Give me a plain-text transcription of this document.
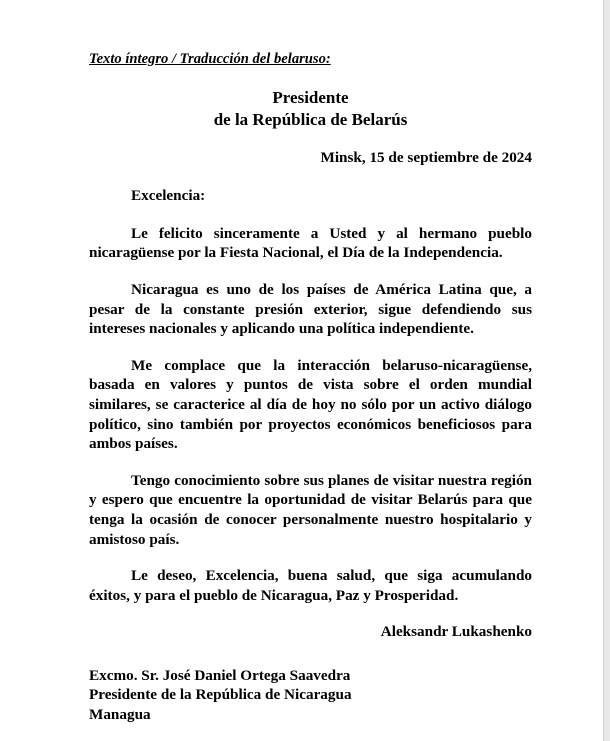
Texto íntegro / Traducción del belaruso:

Presidente
de la República de Belarús

Minsk, 15 de septiembre de 2024

Excelencia:

Le felicito sinceramente a Usted y al hermano pueblo nicaragüense por la Fiesta Nacional, el Día de la Independencia.

Nicaragua es uno de los países de América Latina que, a pesar de la constante presión exterior, sigue defendiendo sus intereses nacionales y aplicando una política independiente.

Me complace que la interacción belaruso-nicaragüense, basada en valores y puntos de vista sobre el orden mundial similares, se caracterice al día de hoy no sólo por un activo diálogo político, sino también por proyectos económicos beneficiosos para ambos países.

Tengo conocimiento sobre sus planes de visitar nuestra región y espero que encuentre la oportunidad de visitar Belarús para que tenga la ocasión de conocer personalmente nuestro hospitalario y amistoso país.

Le deseo, Excelencia, buena salud, que siga acumulando éxitos, y para el pueblo de Nicaragua, Paz y Prosperidad.

Aleksandr Lukashenko

Excmo. Sr. José Daniel Ortega Saavedra
Presidente de la República de Nicaragua
Managua
